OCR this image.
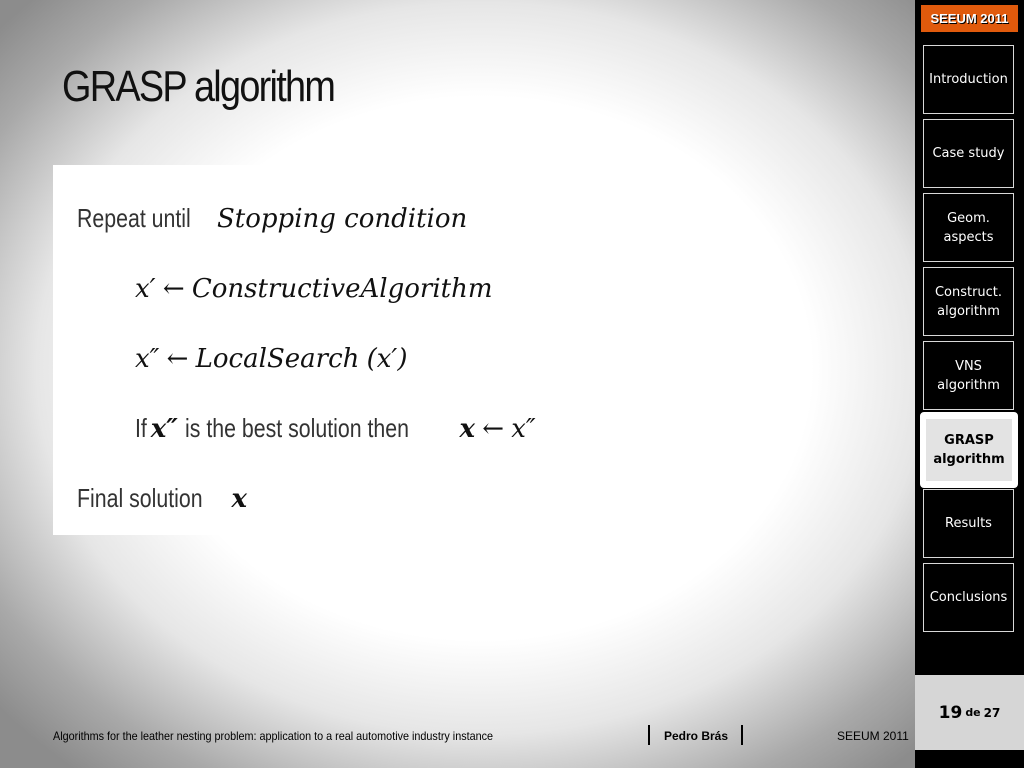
GRASP algorithm
Repeat until Stopping condition
x′ ← ConstructiveAlgorithm
x″ ← LocalSearch (x′)
If x″ is the best solution then x ← x″
Final solution x
SEEUM 2011
Introduction
Case study
Geom. aspects
Construct. algorithm
VNS algorithm
GRASP algorithm
Results
Conclusions
19 de 27
Algorithms for the leather nesting problem: application to a real automotive industry instance	Pedro Brás	SEEUM 2011
